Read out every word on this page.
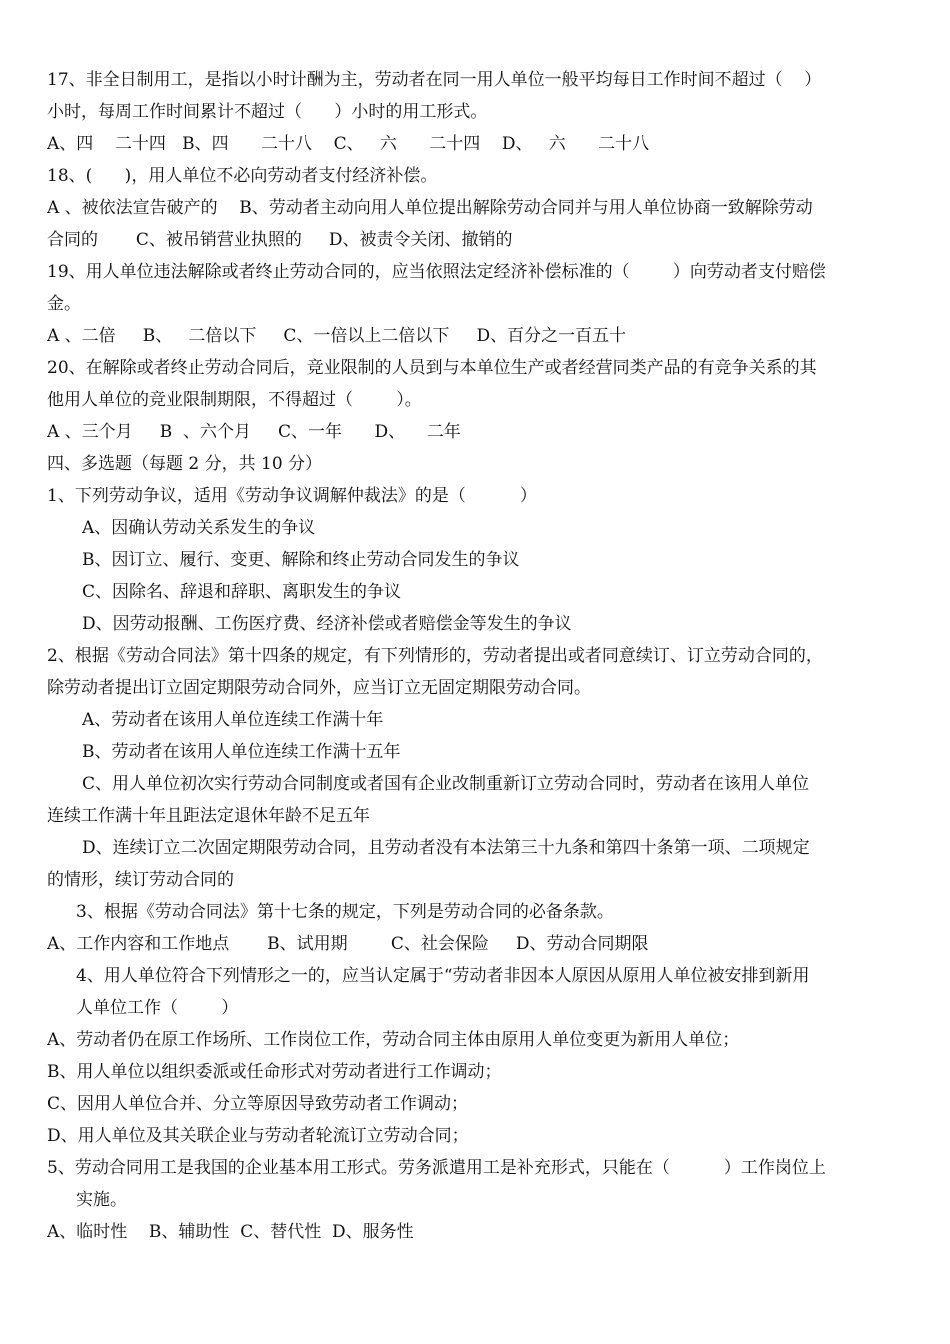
17、非全日制用工，是指以小时计酬为主，劳动者在同一用人单位一般平均每日工作时间不超过（    ）
小时，每周工作时间累计不超过（      ）小时的用工形式。
A、四    二十四   B、四      二十八    C、   六      二十四    D、   六      二十八
18、(      )，用人单位不必向劳动者支付经济补偿。
A 、被依法宣告破产的    B、劳动者主动向用人单位提出解除劳动合同并与用人单位协商一致解除劳动
合同的       C、被吊销营业执照的     D、被责令关闭、撤销的
19、用人单位违法解除或者终止劳动合同的，应当依照法定经济补偿标准的（        ）向劳动者支付赔偿
金。
A 、二倍     B、   二倍以下     C、一倍以上二倍以下     D、百分之一百五十
20、在解除或者终止劳动合同后，竞业限制的人员到与本单位生产或者经营同类产品的有竞争关系的其
他用人单位的竞业限制期限，不得超过（        ）。
A 、三个月     B  、六个月     C、一年      D、    二年
四、多选题（每题 2 分，共 10 分）
1、下列劳动争议，适用《劳动争议调解仲裁法》的是（          ）
A、因确认劳动关系发生的争议
B、因订立、履行、变更、解除和终止劳动合同发生的争议
C、因除名、辞退和辞职、离职发生的争议
D、因劳动报酬、工伤医疗费、经济补偿或者赔偿金等发生的争议
2、根据《劳动合同法》第十四条的规定，有下列情形的，劳动者提出或者同意续订、订立劳动合同的，
除劳动者提出订立固定期限劳动合同外，应当订立无固定期限劳动合同。
A、劳动者在该用人单位连续工作满十年
B、劳动者在该用人单位连续工作满十五年
C、用人单位初次实行劳动合同制度或者国有企业改制重新订立劳动合同时，劳动者在该用人单位
连续工作满十年且距法定退休年龄不足五年
D、连续订立二次固定期限劳动合同，且劳动者没有本法第三十九条和第四十条第一项、二项规定
的情形，续订劳动合同的
3、根据《劳动合同法》第十七条的规定，下列是劳动合同的必备条款。
A、工作内容和工作地点       B、试用期        C、社会保险     D、劳动合同期限
4、用人单位符合下列情形之一的，应当认定属于“劳动者非因本人原因从原用人单位被安排到新用
人单位工作（        ）
A、劳动者仍在原工作场所、工作岗位工作，劳动合同主体由原用人单位变更为新用人单位；
B、用人单位以组织委派或任命形式对劳动者进行工作调动；
C、因用人单位合并、分立等原因导致劳动者工作调动；
D、用人单位及其关联企业与劳动者轮流订立劳动合同；
5、劳动合同用工是我国的企业基本用工形式。劳务派遣用工是补充形式，只能在（          ）工作岗位上
实施。
A、临时性    B、辅助性  C、替代性  D、服务性
